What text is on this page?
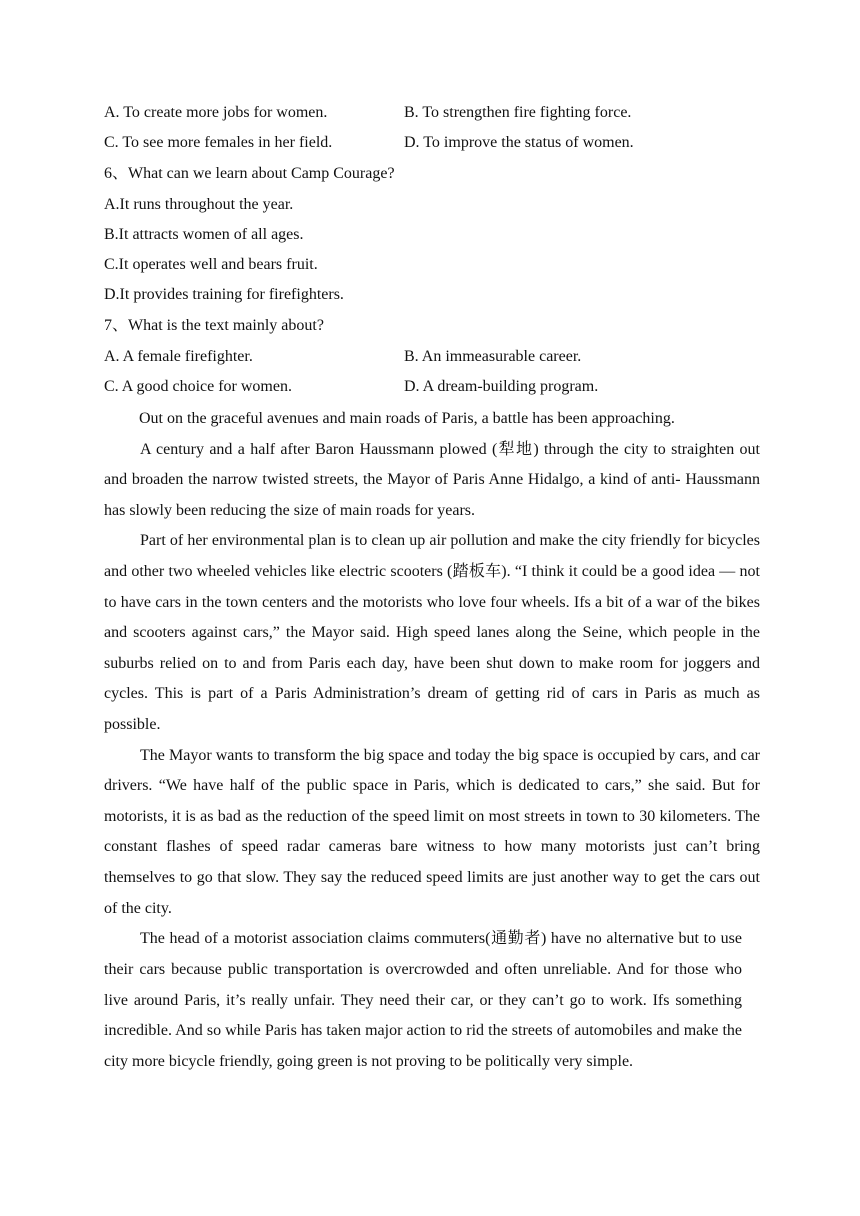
A. To create more jobs for women.	B. To strengthen fire fighting force.
C. To see more females in her field.	D. To improve the status of women.
6、What can we learn about Camp Courage?
A.It runs throughout the year.
B.It attracts women of all ages.
C.It operates well and bears fruit.
D.It provides training for firefighters.
7、What is the text mainly about?
A. A female firefighter.	B. An immeasurable career.
C. A good choice for women.	D. A dream-building program.

Out on the graceful avenues and main roads of Paris, a battle has been approaching.

A century and a half after Baron Haussmann plowed (犁地) through the city to straighten out and broaden the narrow twisted streets, the Mayor of Paris Anne Hidalgo, a kind of anti- Haussmann has slowly been reducing the size of main roads for years.

Part of her environmental plan is to clean up air pollution and make the city friendly for bicycles and other two wheeled vehicles like electric scooters (踏板车). “I think it could be a good idea — not to have cars in the town centers and the motorists who love four wheels. Ifs a bit of a war of the bikes and scooters against cars,” the Mayor said. High speed lanes along the Seine, which people in the suburbs relied on to and from Paris each day, have been shut down to make room for joggers and cycles. This is part of a Paris Administration’s dream of getting rid of cars in Paris as much as possible.

The Mayor wants to transform the big space and today the big space is occupied by cars, and car drivers. “We have half of the public space in Paris, which is dedicated to cars,” she said. But for motorists, it is as bad as the reduction of the speed limit on most streets in town to 30 kilometers. The constant flashes of speed radar cameras bare witness to how many motorists just can’t bring themselves to go that slow. They say the reduced speed limits are just another way to get the cars out of the city.

The head of a motorist association claims commuters(通勤者) have no alternative but to use their cars because public transportation is overcrowded and often unreliable. And for those who live around Paris, it’s really unfair. They need their car, or they can’t go to work. Ifs something incredible. And so while Paris has taken major action to rid the streets of automobiles and make the city more bicycle friendly, going green is not proving to be politically very simple.
